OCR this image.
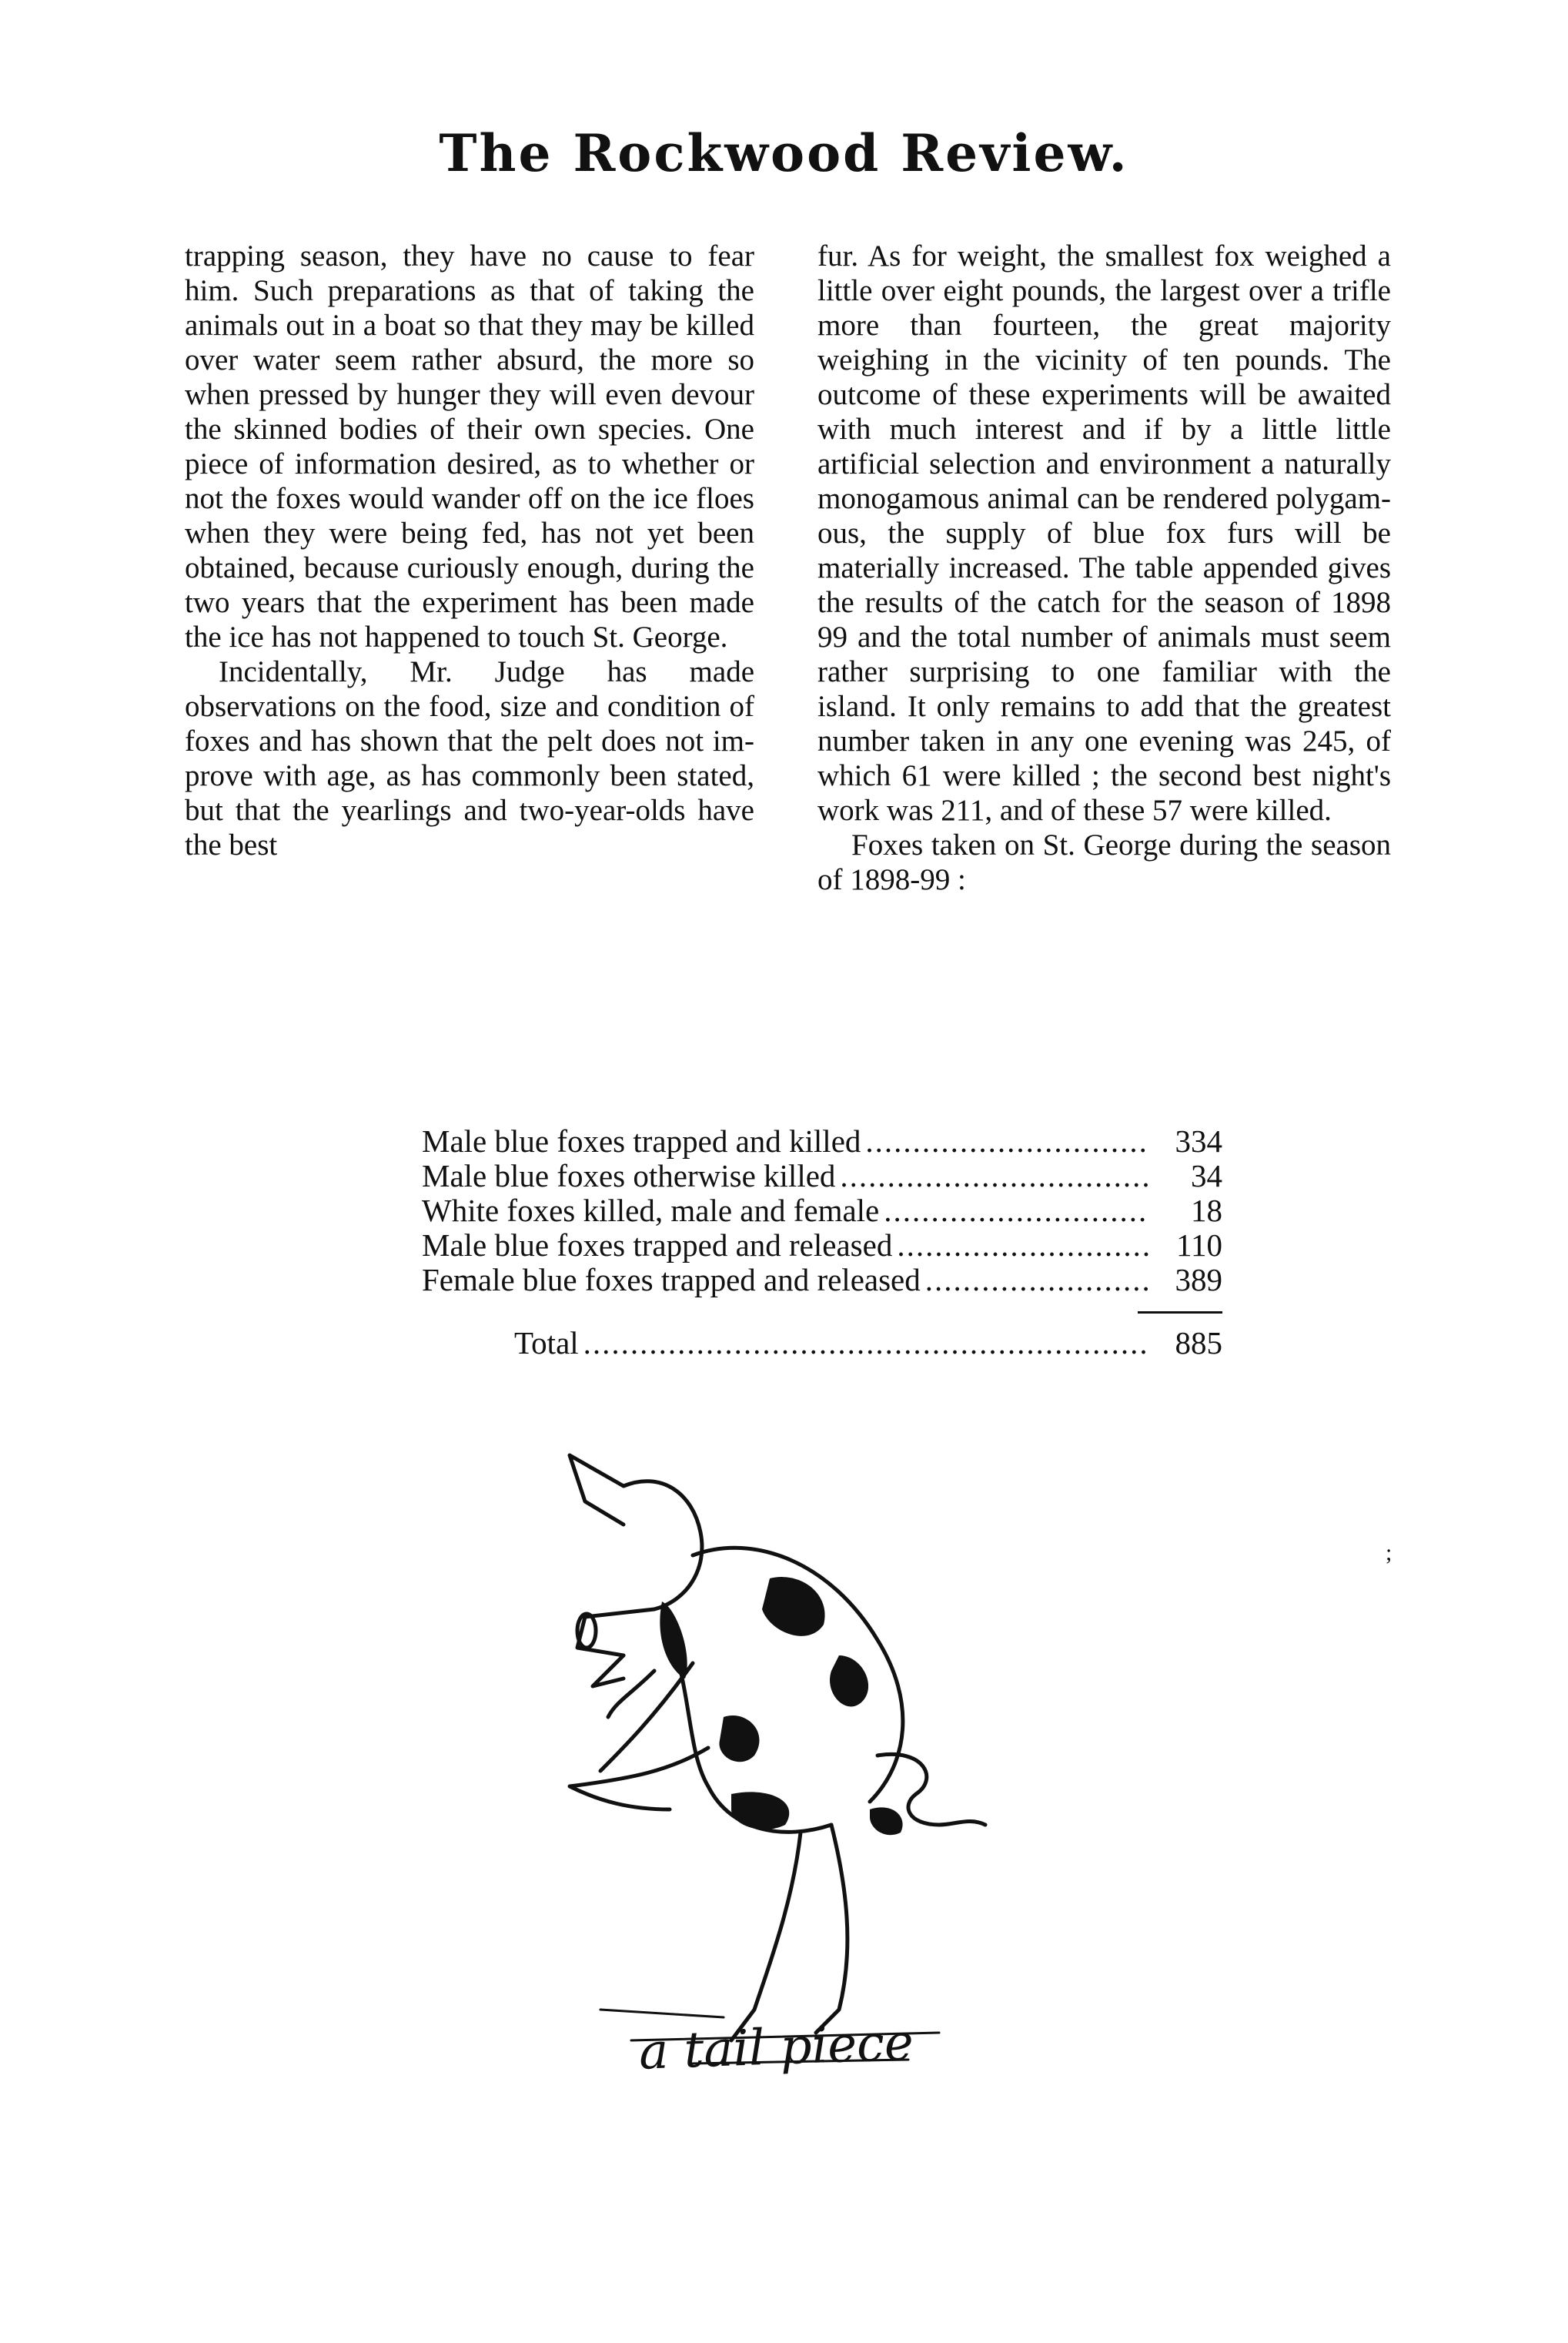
The Rockwood Review.

trapping season, they have no cause to fear him. Such preparations as that of taking the animals out in a boat so that they may be killed over water seem rather absurd, the more so when pressed by hunger they will even devour the skinned bodies of their own species. One piece of information desired, as to whether or not the foxes would wander off on the ice floes when they were being fed, has not yet been obtained, because curiously enough, during the two years that the experiment has been made the ice has not happened to touch St. George.

Incidentally, Mr. Judge has made observations on the food, size and condition of foxes and has shown that the pelt does not improve with age, as has commonly been stated, but that the yearlings and two-year-olds have the best

fur. As for weight, the smallest fox weighed a little over eight pounds, the largest over a trifle more than fourteen, the great majority weighing in the vicinity of ten pounds. The outcome of these experiments will be awaited with much interest and if by a little little artificial selection and environment a naturally monogamous animal can be rendered polygamous, the supply of blue fox furs will be materially increased. The table appended gives the results of the catch for the season of 1898 99 and the total number of animals must seem rather surprising to one familiar with the island. It only remains to add that the greatest number taken in any one evening was 245, of which 61 were killed ; the second best night's work was 211, and of these 57 were killed.

Foxes taken on St. George during the season of 1898-99 :

Male blue foxes trapped and killed .....	334
Male blue foxes otherwise killed .....	34
White foxes killed, male and female .....	18
Male blue foxes trapped and released .....	110
Female blue foxes trapped and released .....	389
Total .....	885
a tail piece
;
